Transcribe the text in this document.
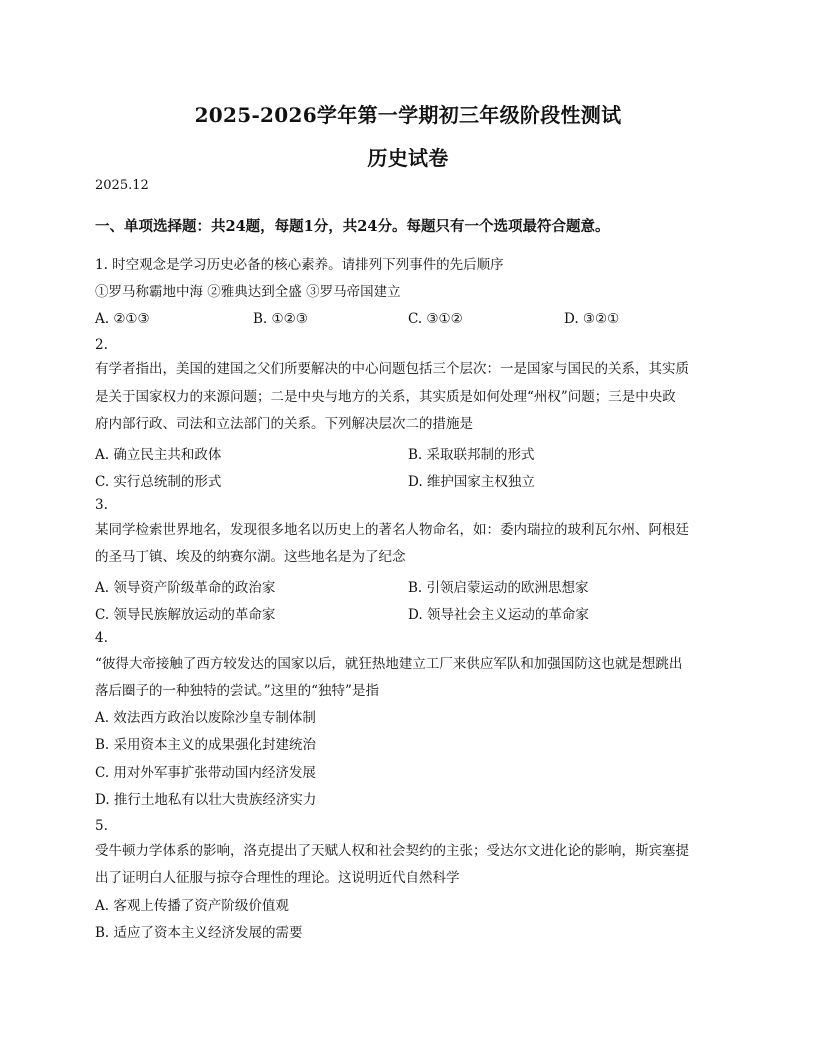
2025-2026学年第一学期初三年级阶段性测试
历史试卷
2025.12
一、单项选择题：共24题，每题1分，共24分。每题只有一个选项最符合题意。
1. 时空观念是学习历史必备的核心素养。请排列下列事件的先后顺序
①罗马称霸地中海 ②雅典达到全盛 ③罗马帝国建立
A. ②①③	B. ①②③	C. ③①②	D. ③②①
2.
有学者指出，美国的建国之父们所要解决的中心问题包括三个层次：一是国家与国民的关系，其实质
是关于国家权力的来源问题；二是中央与地方的关系，其实质是如何处理“州权”问题；三是中央政
府内部行政、司法和立法部门的关系。下列解决层次二的措施是
A. 确立民主共和政体	B. 采取联邦制的形式
C. 实行总统制的形式	D. 维护国家主权独立
3.
某同学检索世界地名，发现很多地名以历史上的著名人物命名，如：委内瑞拉的玻利瓦尔州、阿根廷
的圣马丁镇、埃及的纳赛尔湖。这些地名是为了纪念
A. 领导资产阶级革命的政治家	B. 引领启蒙运动的欧洲思想家
C. 领导民族解放运动的革命家	D. 领导社会主义运动的革命家
4.
“彼得大帝接触了西方较发达的国家以后，就狂热地建立工厂来供应军队和加强国防这也就是想跳出
落后圈子的一种独特的尝试。”这里的“独特”是指
A. 效法西方政治以废除沙皇专制体制
B. 采用资本主义的成果强化封建统治
C. 用对外军事扩张带动国内经济发展
D. 推行土地私有以壮大贵族经济实力
5.
受牛顿力学体系的影响，洛克提出了天赋人权和社会契约的主张；受达尔文进化论的影响，斯宾塞提
出了证明白人征服与掠夺合理性的理论。这说明近代自然科学
A. 客观上传播了资产阶级价值观
B. 适应了资本主义经济发展的需要
